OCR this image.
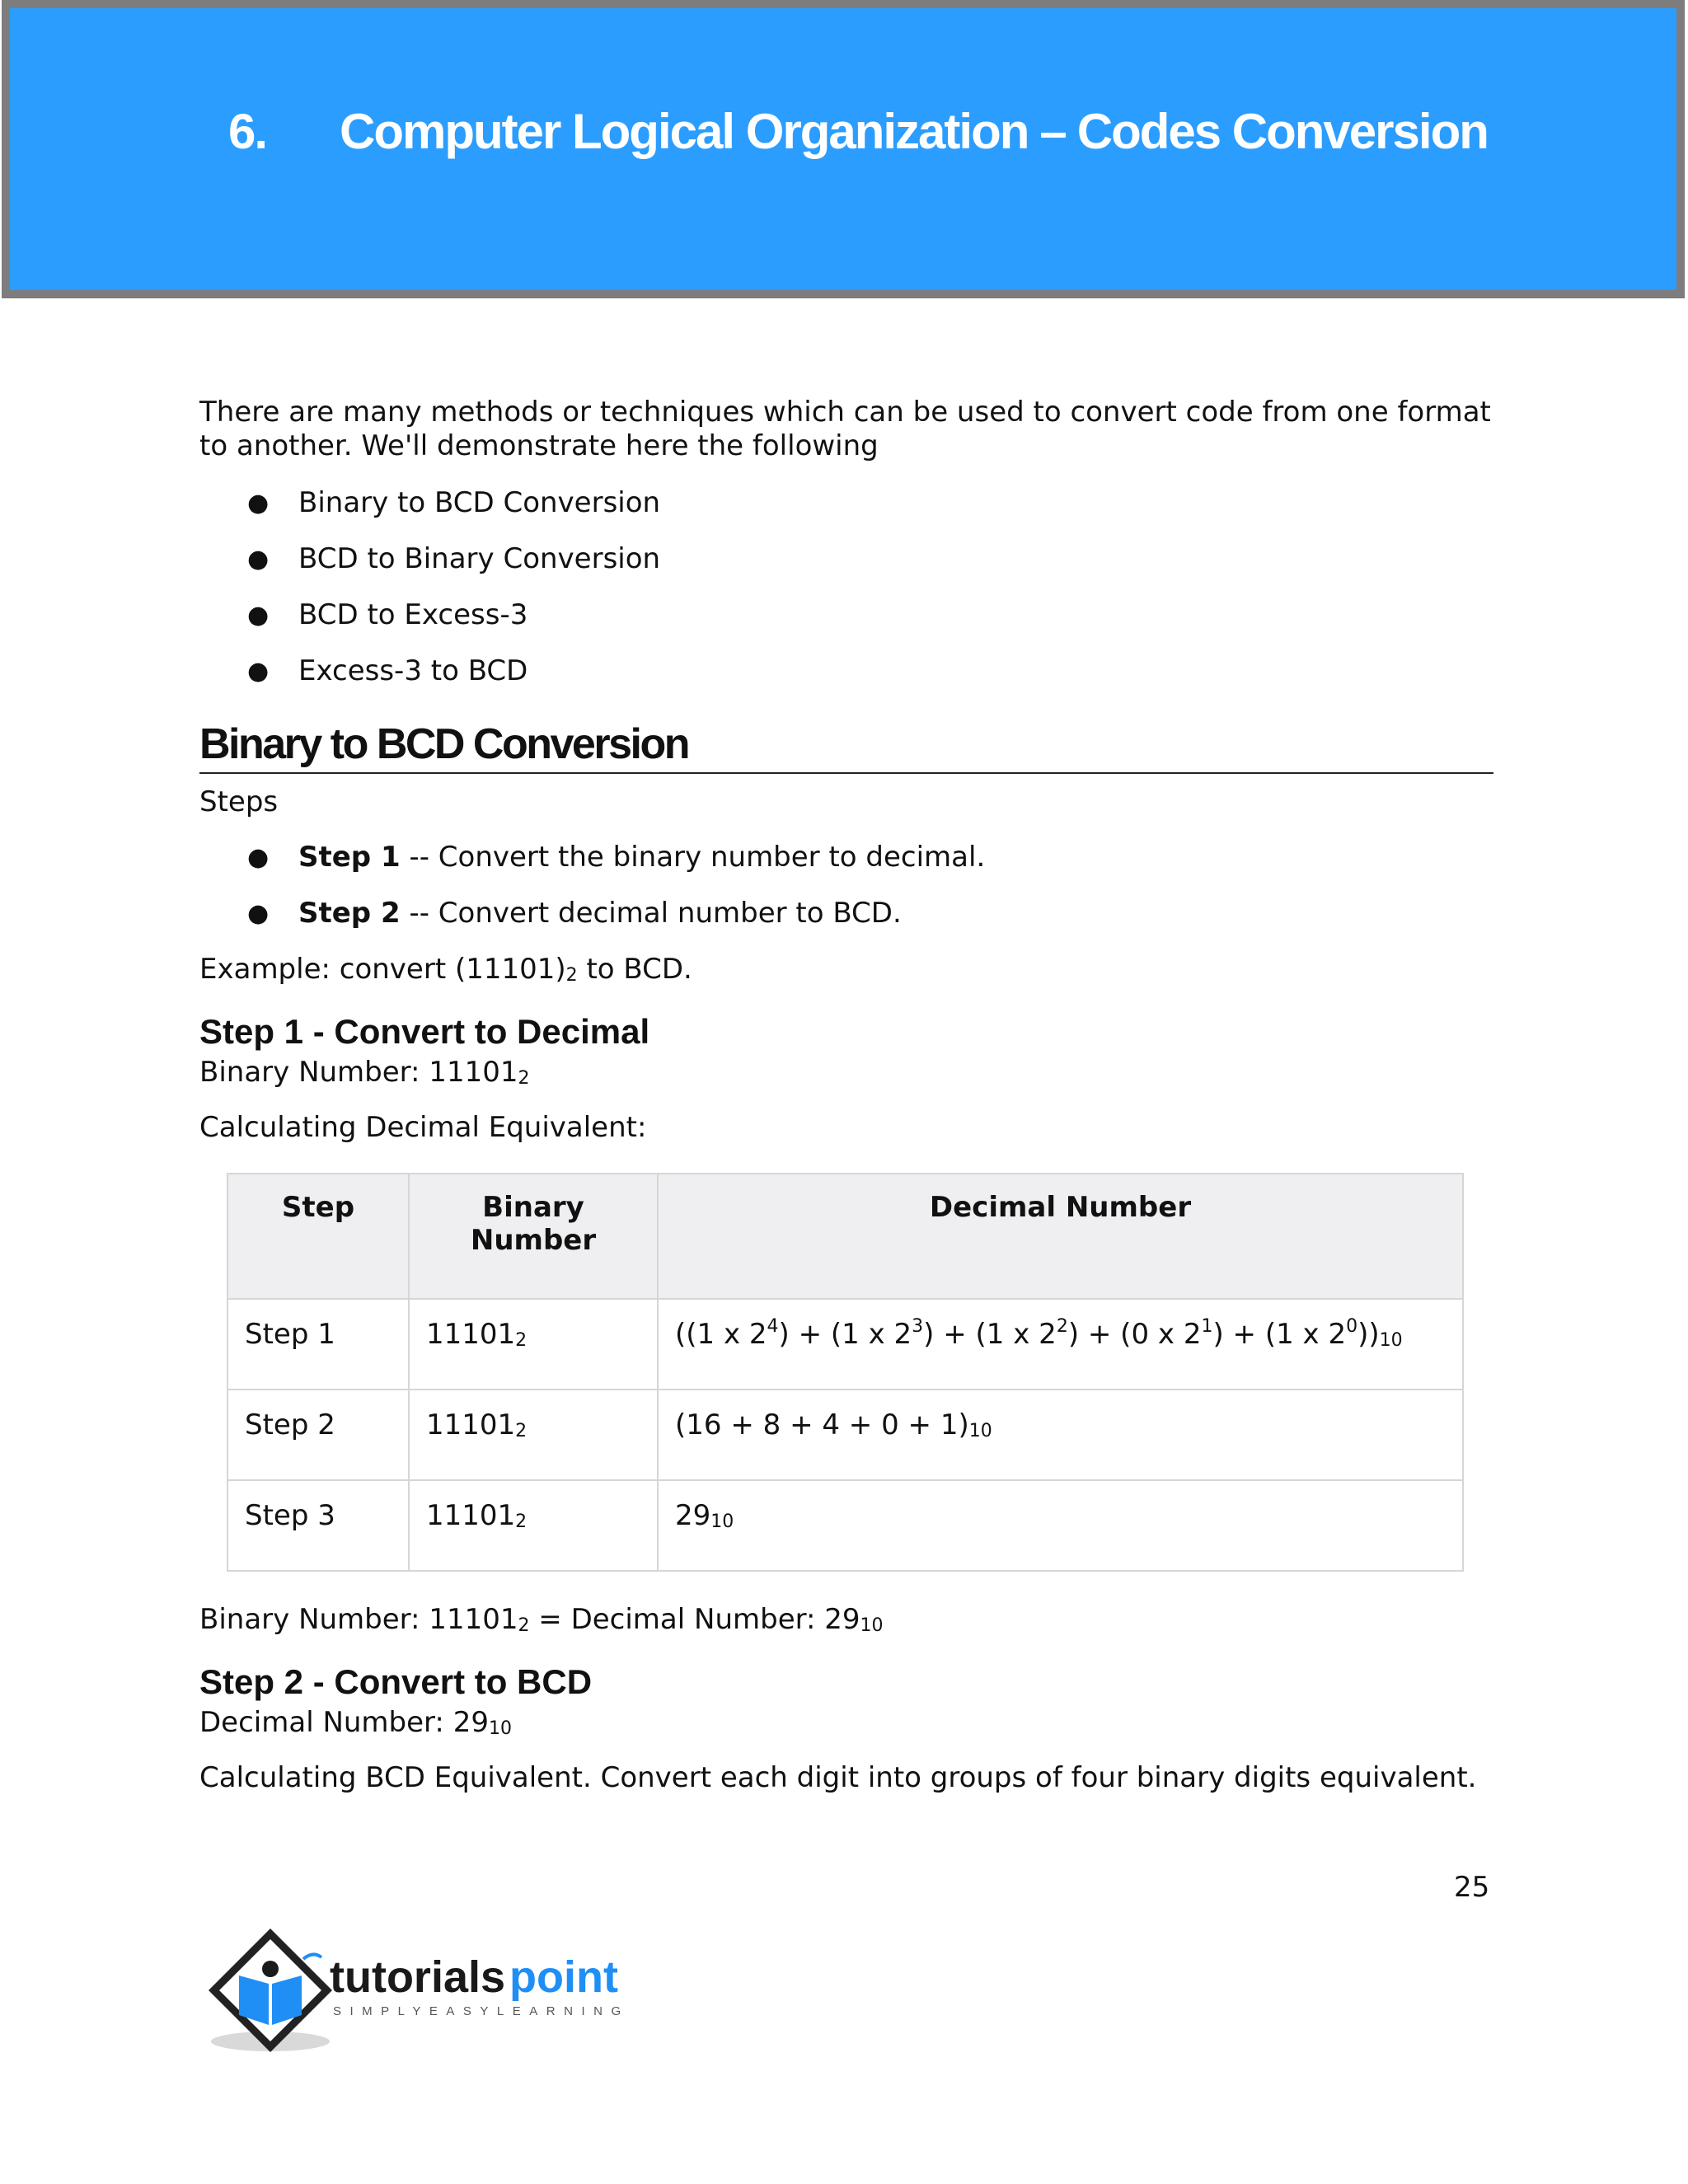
6. Computer Logical Organization – Codes Conversion

There are many methods or techniques which can be used to convert code from one format to another. We'll demonstrate here the following

● Binary to BCD Conversion
● BCD to Binary Conversion
● BCD to Excess-3
● Excess-3 to BCD
Binary to BCD Conversion

Steps

● Step 1 -- Convert the binary number to decimal.
● Step 2 -- Convert decimal number to BCD.

Example: convert $(11101)_2$ to BCD.

Step 1 - Convert to Decimal

Binary Number: $11101_2$

Calculating Decimal Equivalent:

Step	Binary Number	Decimal Number
Step 1	$11101_2$	((1 x $2^4) + (1$ x $2^3) + (1$ x $2^2) + (0$ x $2^1) + (1$ x $2^0))_{10}$
Step 2	$11101_2$	$(16 + 8 + 4 + 0 + 1)_{10}$
Step 3	$11101_2$	$29_{10}$

Binary Number: $11101_2$ = Decimal Number: $29_{10}$

Step 2 - Convert to BCD

Decimal Number: $29_{10}$

Calculating BCD Equivalent. Convert each digit into groups of four binary digits equivalent.

25
tutorials point
SIMPLYEASYLEARNING
